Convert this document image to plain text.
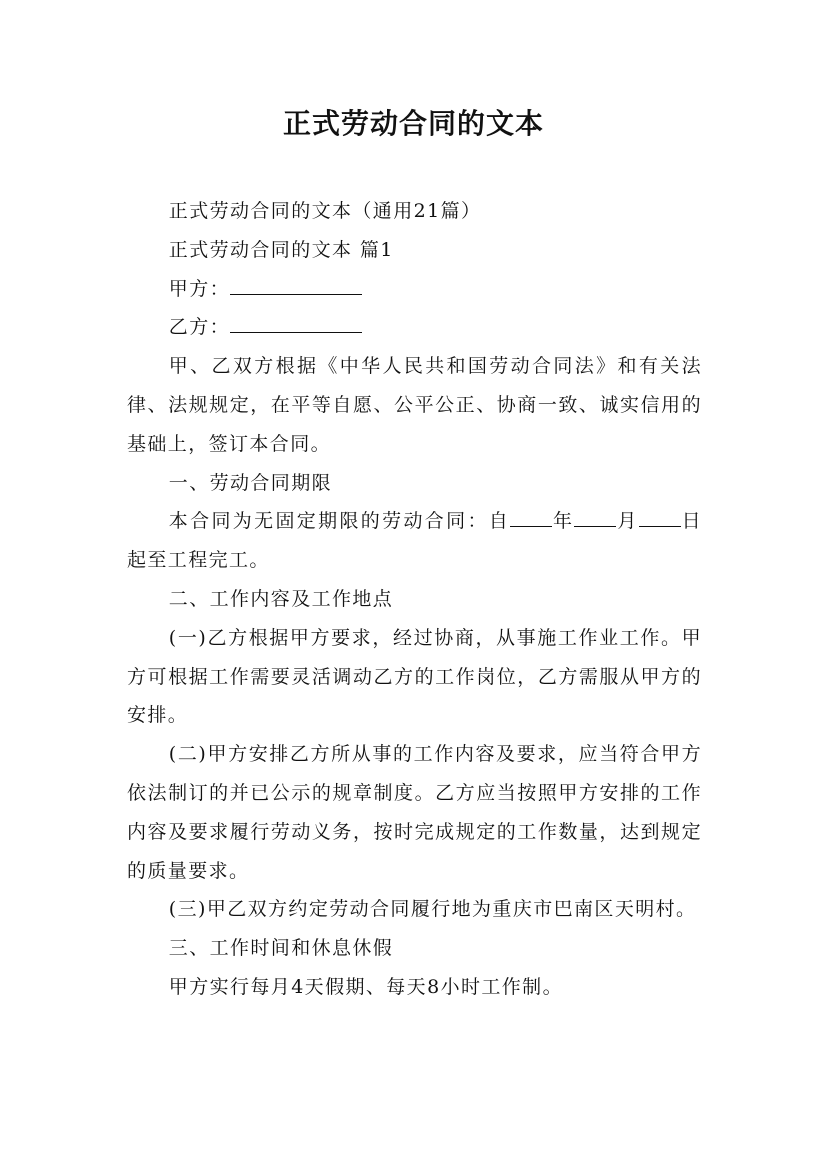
正式劳动合同的文本

正式劳动合同的文本（通用21篇）

正式劳动合同的文本 篇1

甲方：

乙方：

甲、乙双方根据《中华人民共和国劳动合同法》和有关法律、法规规定，在平等自愿、公平公正、协商一致、诚实信用的基础上，签订本合同。

一、劳动合同期限

本合同为无固定期限的劳动合同：自 年 月 日起至工程完工。

二、工作内容及工作地点

(一)乙方根据甲方要求，经过协商，从事施工作业工作。甲方可根据工作需要灵活调动乙方的工作岗位，乙方需服从甲方的安排。

(二)甲方安排乙方所从事的工作内容及要求，应当符合甲方依法制订的并已公示的规章制度。乙方应当按照甲方安排的工作内容及要求履行劳动义务，按时完成规定的工作数量，达到规定的质量要求。

(三)甲乙双方约定劳动合同履行地为重庆市巴南区天明村。

三、工作时间和休息休假

甲方实行每月4天假期、每天8小时工作制。
